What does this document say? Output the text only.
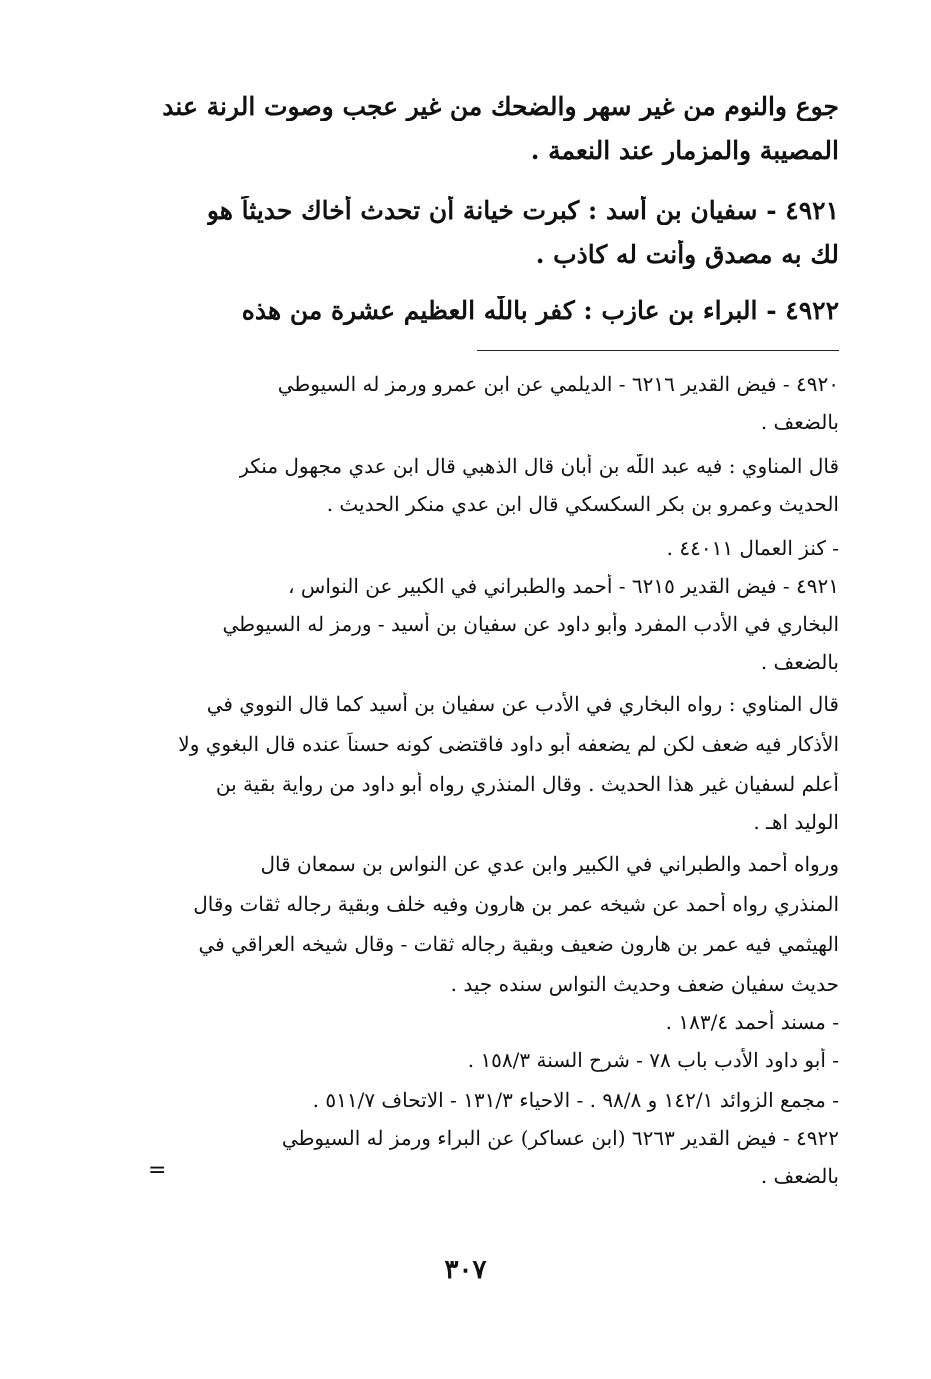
جوع والنوم من غير سهر والضحك من غير عجب وصوت الرنة عند
المصيبة والمزمار عند النعمة .
٤٩٢١ - سفيان بن أسد : كبرت خيانة أن تحدث أخاك حديثاً هو
لك به مصدق وأنت له كاذب .
٤٩٢٢ - البراء بن عازب : كفر باللّٰه العظيم عشرة من هذه
٤٩٢٠ - فيض القدير ٦٢١٦ - الديلمي عن ابن عمرو ورمز له السيوطي
بالضعف .
قال المناوي : فيه عبد اللّٰه بن أبان قال الذهبي قال ابن عدي مجهول منكر
الحديث وعمرو بن بكر السكسكي قال ابن عدي منكر الحديث .
- كنز العمال ٤٤٠١١ .
٤٩٢١ - فيض القدير ٦٢١٥ - أحمد والطبراني في الكبير عن النواس ،
البخاري في الأدب المفرد وأبو داود عن سفيان بن أسيد - ورمز له السيوطي
بالضعف .
قال المناوي : رواه البخاري في الأدب عن سفيان بن أسيد كما قال النووي في
الأذكار فيه ضعف لكن لم يضعفه أبو داود فاقتضى كونه حسناً عنده قال البغوي ولا
أعلم لسفيان غير هذا الحديث . وقال المنذري رواه أبو داود من رواية بقية بن
الوليد اهـ .
ورواه أحمد والطبراني في الكبير وابن عدي عن النواس بن سمعان قال
المنذري رواه أحمد عن شيخه عمر بن هارون وفيه خلف وبقية رجاله ثقات وقال
الهيثمي فيه عمر بن هارون ضعيف وبقية رجاله ثقات - وقال شيخه العراقي في
حديث سفيان ضعف وحديث النواس سنده جيد .
- مسند أحمد ١٨٣/٤ .
- أبو داود الأدب باب ٧٨ - شرح السنة ١٥٨/٣ .
- مجمع الزوائد ١٤٢/١ و ٩٨/٨ . - الاحياء ١٣١/٣ - الاتحاف ٥١١/٧ .
٤٩٢٢ - فيض القدير ٦٢٦٣ (ابن عساكر) عن البراء ورمز له السيوطي
بالضعف .
=
٣٠٧
